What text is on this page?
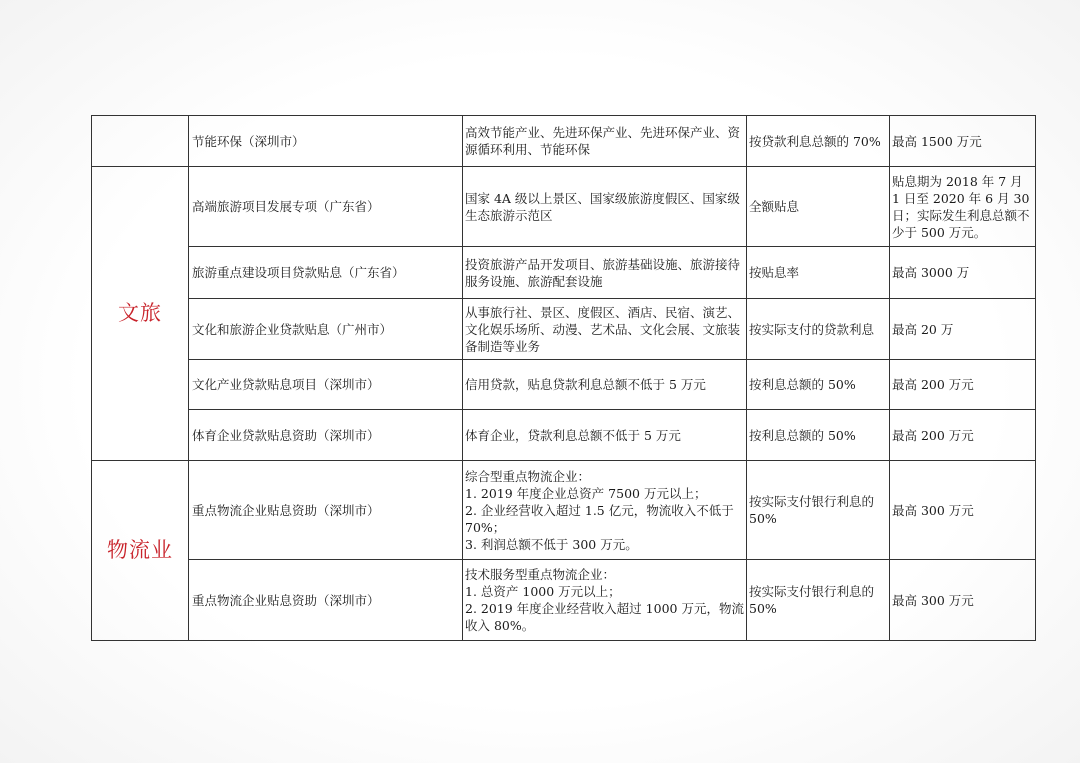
	节能环保（深圳市）	高效节能产业、先进环保产业、先进环保产业、资源循环利用、节能环保	按贷款利息总额的 70%	最高 1500 万元
文旅	高端旅游项目发展专项（广东省）	国家 4A 级以上景区、国家级旅游度假区、国家级生态旅游示范区	全额贴息	贴息期为 2018 年 7 月 1 日至 2020 年 6 月 30 日；实际发生利息总额不少于 500 万元。
	旅游重点建设项目贷款贴息（广东省）	投资旅游产品开发项目、旅游基础设施、旅游接待服务设施、旅游配套设施	按贴息率	最高 3000 万
	文化和旅游企业贷款贴息（广州市）	从事旅行社、景区、度假区、酒店、民宿、演艺、文化娱乐场所、动漫、艺术品、文化会展、文旅装备制造等业务	按实际支付的贷款利息	最高 20 万
	文化产业贷款贴息项目（深圳市）	信用贷款，贴息贷款利息总额不低于 5 万元	按利息总额的 50%	最高 200 万元
	体育企业贷款贴息资助（深圳市）	体育企业，贷款利息总额不低于 5 万元	按利息总额的 50%	最高 200 万元
物流业	重点物流企业贴息资助（深圳市）	综合型重点物流企业：
1. 2019 年度企业总资产 7500 万元以上；
2. 企业经营收入超过 1.5 亿元，物流收入不低于 70%；
3. 利润总额不低于 300 万元。	按实际支付银行利息的 50%	最高 300 万元
	重点物流企业贴息资助（深圳市）	技术服务型重点物流企业：
1. 总资产 1000 万元以上；
2. 2019 年度企业经营收入超过 1000 万元，物流收入 80%。	按实际支付银行利息的 50%	最高 300 万元
